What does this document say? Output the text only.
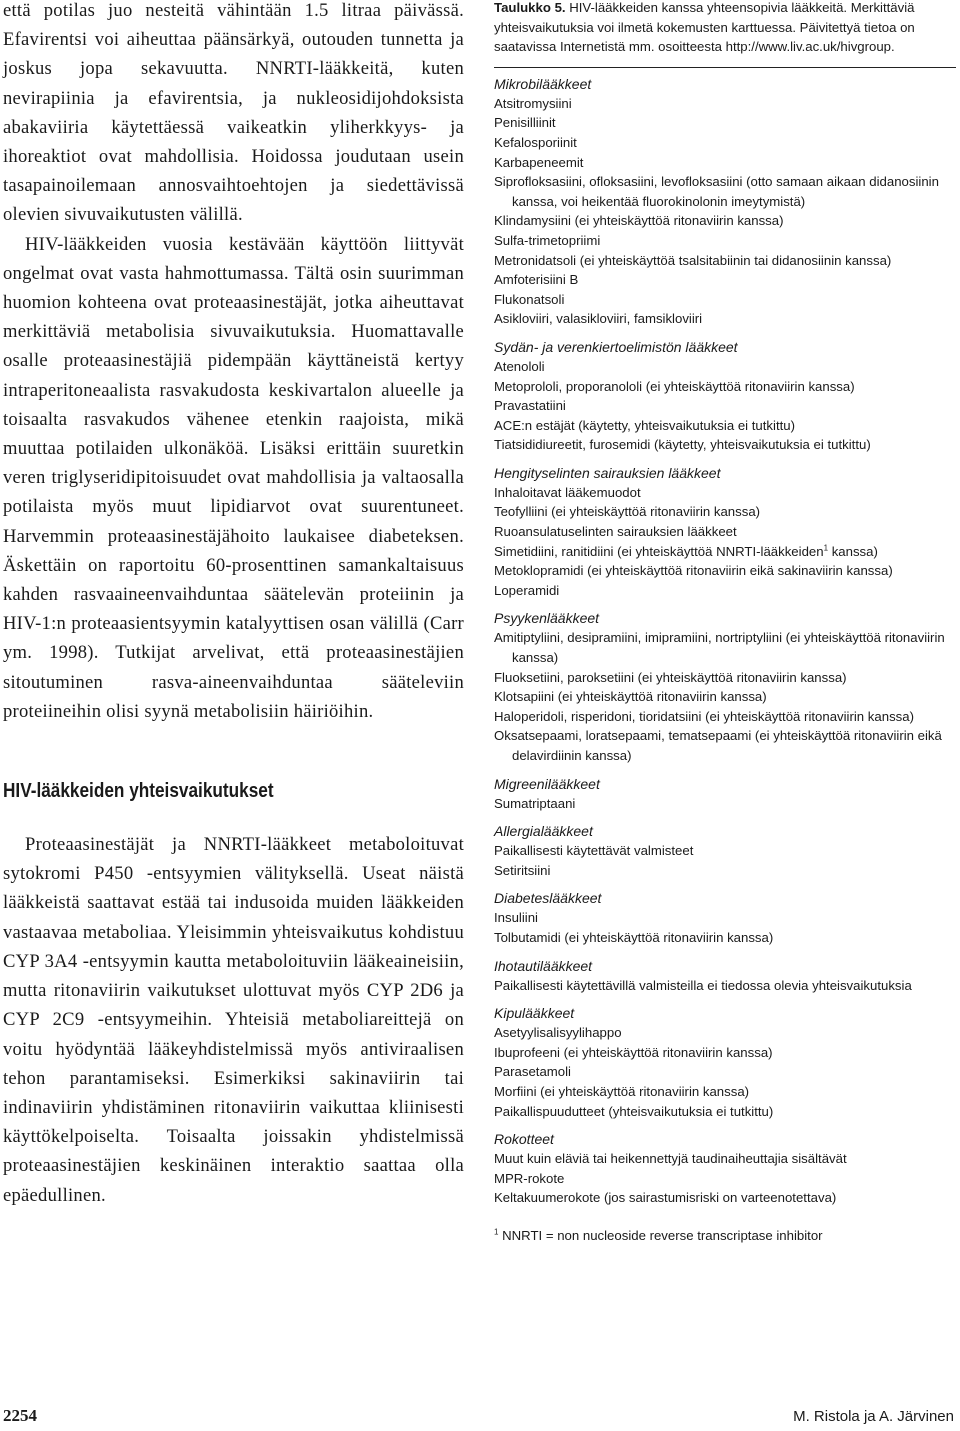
että potilas juo nesteitä vähintään 1.5 litraa päivässä. Efavirentsi voi aiheuttaa päänsärkyä, outouden tunnetta ja joskus jopa sekavuutta. NNRTI-lääkkeitä, kuten nevirapiinia ja efavirentsia, ja nukleosidijohdoksista abakaviiria käytettäessä vaikeatkin yliherkkyys- ja ihoreaktiot ovat mahdollisia. Hoidossa joudutaan usein tasapainoilemaan annosvaihtoehtojen ja siedettävissä olevien sivuvaikutusten välillä.

HIV-lääkkeiden vuosia kestävään käyttöön liittyvät ongelmat ovat vasta hahmottumassa. Tältä osin suurimman huomion kohteena ovat proteaasinestäjät, jotka aiheuttavat merkittäviä metabolisia sivuvaikutuksia. Huomattavalle osalle proteaasinestäjiä pidempään käyttäneistä kertyy intraperitoneaalista rasvakudosta keskivartalon alueelle ja toisaalta rasvakudos vähenee etenkin raajoista, mikä muuttaa potilaiden ulkonäköä. Lisäksi erittäin suuretkin veren triglyseridipitoisuudet ovat mahdollisia ja valtaosalla potilaista myös muut lipidiarvot ovat suurentuneet. Harvemmin proteaasinestäjähoito laukaisee diabeteksen. Äskettäin on raportoitu 60-prosenttinen samankaltaisuus kahden rasvaaineenvaihduntaa säätelevän proteiinin ja HIV-1:n proteaasientsyymin katalyyttisen osan välillä (Carr ym. 1998). Tutkijat arvelivat, että proteaasinestäjien sitoutuminen rasva-aineenvaihduntaa sääteleviin proteiineihin olisi syynä metabolisiin häiriöihin.

HIV-lääkkeiden yhteisvaikutukset

Proteaasinestäjät ja NNRTI-lääkkeet metaboloituvat sytokromi P450 -entsyymien välityksellä. Useat näistä lääkkeistä saattavat estää tai indusoida muiden lääkkeiden vastaavaa metaboliaa. Yleisimmin yhteisvaikutus kohdistuu CYP 3A4 -entsyymin kautta metaboloituviin lääkeaineisiin, mutta ritonaviirin vaikutukset ulottuvat myös CYP 2D6 ja CYP 2C9 -entsyymeihin. Yhteisiä metaboliareittejä on voitu hyödyntää lääkeyhdistelmissä myös antiviraalisen tehon parantamiseksi. Esimerkiksi sakinaviirin tai indinaviirin yhdistäminen ritonaviirin vaikuttaa kliinisesti käyttökelpoiselta. Toisaalta joissakin yhdistelmissä proteaasinestäjien keskinäinen interaktio saattaa olla epäedullinen.

Taulukko 5. HIV-lääkkeiden kanssa yhteensopivia lääkkeitä. Merkittäviä yhteisvaikutuksia voi ilmetä kokemusten karttuessa. Päivitettyä tietoa on saatavissa Internetistä mm. osoitteesta http://www.liv.ac.uk/hivgroup.

Mikrobilääkkeet
Atsitromysiini
Penisilliinit
Kefalosporiinit
Karbapeneemit
Siprofloksasiini, ofloksasiini, levofloksasiini (otto samaan aikaan didanosiinin kanssa, voi heikentää fluorokinolonin imeytymistä)
Klindamysiini (ei yhteiskäyttöä ritonaviirin kanssa)
Sulfa-trimetopriimi
Metronidatsoli (ei yhteiskäyttöä tsalsitabiinin tai didanosiinin kanssa)
Amfoterisiini B
Flukonatsoli
Asikloviiri, valasikloviiri, famsikloviiri
Sydän- ja verenkiertoelimistön lääkkeet
Atenololi
Metoprololi, proporanololi (ei yhteiskäyttöä ritonaviirin kanssa)
Pravastatiini
ACE:n estäjät (käytetty, yhteisvaikutuksia ei tutkittu)
Tiatsididiureetit, furosemidi (käytetty, yhteisvaikutuksia ei tutkittu)
Hengityselinten sairauksien lääkkeet
Inhaloitavat lääkemuodot
Teofylliini (ei yhteiskäyttöä ritonaviirin kanssa)
Ruoansulatuselinten sairauksien lääkkeet
Simetidiini, ranitidiini (ei yhteiskäyttöä NNRTI-lääkkeiden$^1$ kanssa)
Metoklopramidi (ei yhteiskäyttöä ritonaviirin eikä sakinaviirin kanssa)
Loperamidi
Psyykenlääkkeet
Amitiptyliini, desipramiini, imipramiini, nortriptyliini (ei yhteiskäyttöä ritonaviirin kanssa)
Fluoksetiini, paroksetiini (ei yhteiskäyttöä ritonaviirin kanssa)
Klotsapiini (ei yhteiskäyttöä ritonaviirin kanssa)
Haloperidoli, risperidoni, tioridatsiini (ei yhteiskäyttöä ritonaviirin kanssa)
Oksatsepaami, loratsepaami, tematsepaami (ei yhteiskäyttöä ritonaviirin eikä delavirdiinin kanssa)
Migreenilääkkeet
Sumatriptaani
Allergialääkkeet
Paikallisesti käytettävät valmisteet
Setiritsiini
Diabeteslääkkeet
Insuliini
Tolbutamidi (ei yhteiskäyttöä ritonaviirin kanssa)
Ihotautilääkkeet
Paikallisesti käytettävillä valmisteilla ei tiedossa olevia yhteisvaikutuksia
Kipulääkkeet
Asetyylisalisyylihappo
Ibuprofeeni (ei yhteiskäyttöä ritonaviirin kanssa)
Parasetamoli
Morfiini (ei yhteiskäyttöä ritonaviirin kanssa)
Paikallispuudutteet (yhteisvaikutuksia ei tutkittu)
Rokotteet
Muut kuin eläviä tai heikennettyjä taudinaiheuttajia sisältävät
MPR-rokote
Keltakuumerokote (jos sairastumisriski on varteenotettava)
$^1$ NNRTI = non nucleoside reverse transcriptase inhibitor
2254	M. Ristola ja A. Järvinen
